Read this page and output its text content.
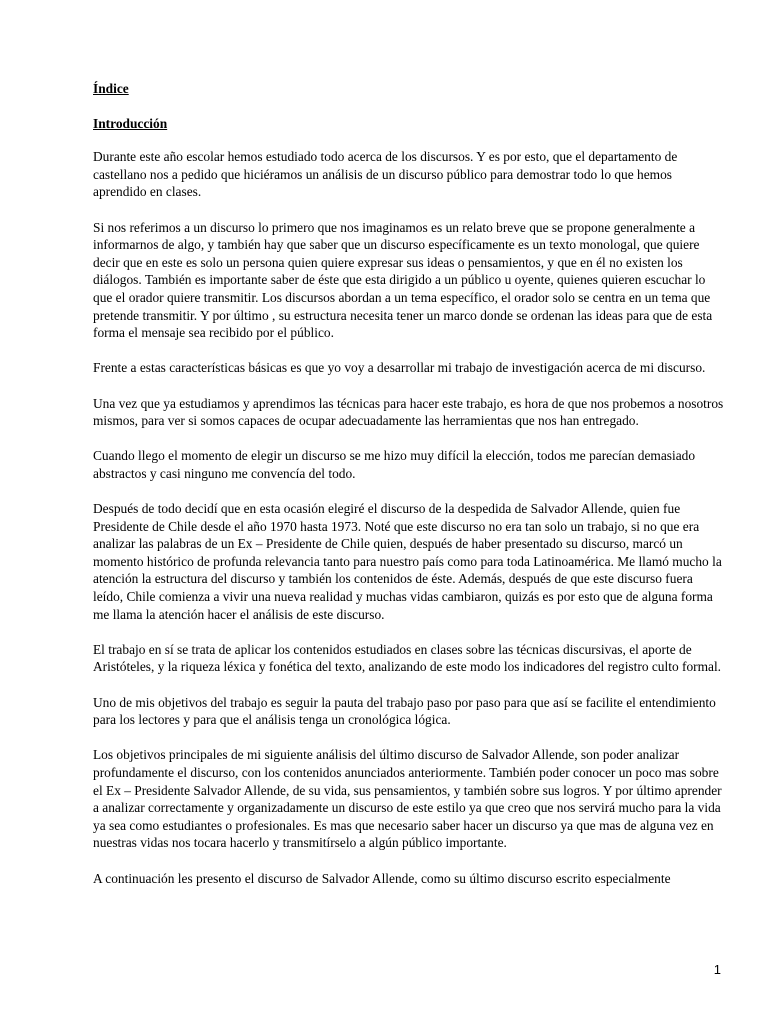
Índice

Introducción

Durante este año escolar hemos estudiado todo acerca de los discursos. Y es por esto, que el departamento de castellano nos a pedido que hiciéramos un análisis de un discurso público para demostrar todo lo que hemos aprendido en clases.

Si nos referimos a un discurso lo primero que nos imaginamos es un relato breve que se propone generalmente a informarnos de algo, y también hay que saber que un discurso específicamente es un texto monologal, que quiere decir que en este es solo un persona quien quiere expresar sus ideas o pensamientos, y que en él no existen los diálogos. También es importante saber de éste que esta dirigido a un público u oyente, quienes quieren escuchar lo que el orador quiere transmitir. Los discursos abordan a un tema específico, el orador solo se centra en un tema que pretende transmitir. Y por último , su estructura necesita tener un marco donde se ordenan las ideas para que de esta forma el mensaje sea recibido por el público.

Frente a estas características básicas es que yo voy a desarrollar mi trabajo de investigación acerca de mi discurso.

Una vez que ya estudiamos y aprendimos las técnicas para hacer este trabajo, es hora de que nos probemos a nosotros mismos, para ver si somos capaces de ocupar adecuadamente las herramientas que nos han entregado.

Cuando llego el momento de elegir un discurso se me hizo muy difícil la elección, todos me parecían demasiado abstractos y casi ninguno me convencía del todo.

Después de todo decidí que en esta ocasión elegiré el discurso de la despedida de Salvador Allende, quien fue Presidente de Chile desde el año 1970 hasta 1973. Noté que este discurso no era tan solo un trabajo, si no que era analizar las palabras de un Ex – Presidente de Chile quien, después de haber presentado su discurso, marcó un momento histórico de profunda relevancia tanto para nuestro país como para toda Latinoamérica. Me llamó mucho la atención la estructura del discurso y también los contenidos de éste. Además, después de que este discurso fuera leído, Chile comienza a vivir una nueva realidad y muchas vidas cambiaron, quizás es por esto que de alguna forma me llama la atención hacer el análisis de este discurso.

El trabajo en sí se trata de aplicar los contenidos estudiados en clases sobre las técnicas discursivas, el aporte de Aristóteles, y la riqueza léxica y fonética del texto, analizando de este modo los indicadores del registro culto formal.

Uno de mis objetivos del trabajo es seguir la pauta del trabajo paso por paso para que así se facilite el entendimiento para los lectores y para que el análisis tenga un cronológica lógica.

Los objetivos principales de mi siguiente análisis del último discurso de Salvador Allende, son poder analizar profundamente el discurso, con los contenidos anunciados anteriormente. También poder conocer un poco mas sobre el Ex – Presidente Salvador Allende, de su vida, sus pensamientos, y también sobre sus logros. Y por último aprender a analizar correctamente y organizadamente un discurso de este estilo ya que creo que nos servirá mucho para la vida ya sea como estudiantes o profesionales. Es mas que necesario saber hacer un discurso ya que mas de alguna vez en nuestras vidas nos tocara hacerlo y transmitírselo a algún público importante.

A continuación les presento el discurso de Salvador Allende, como su último discurso escrito especialmente

1
